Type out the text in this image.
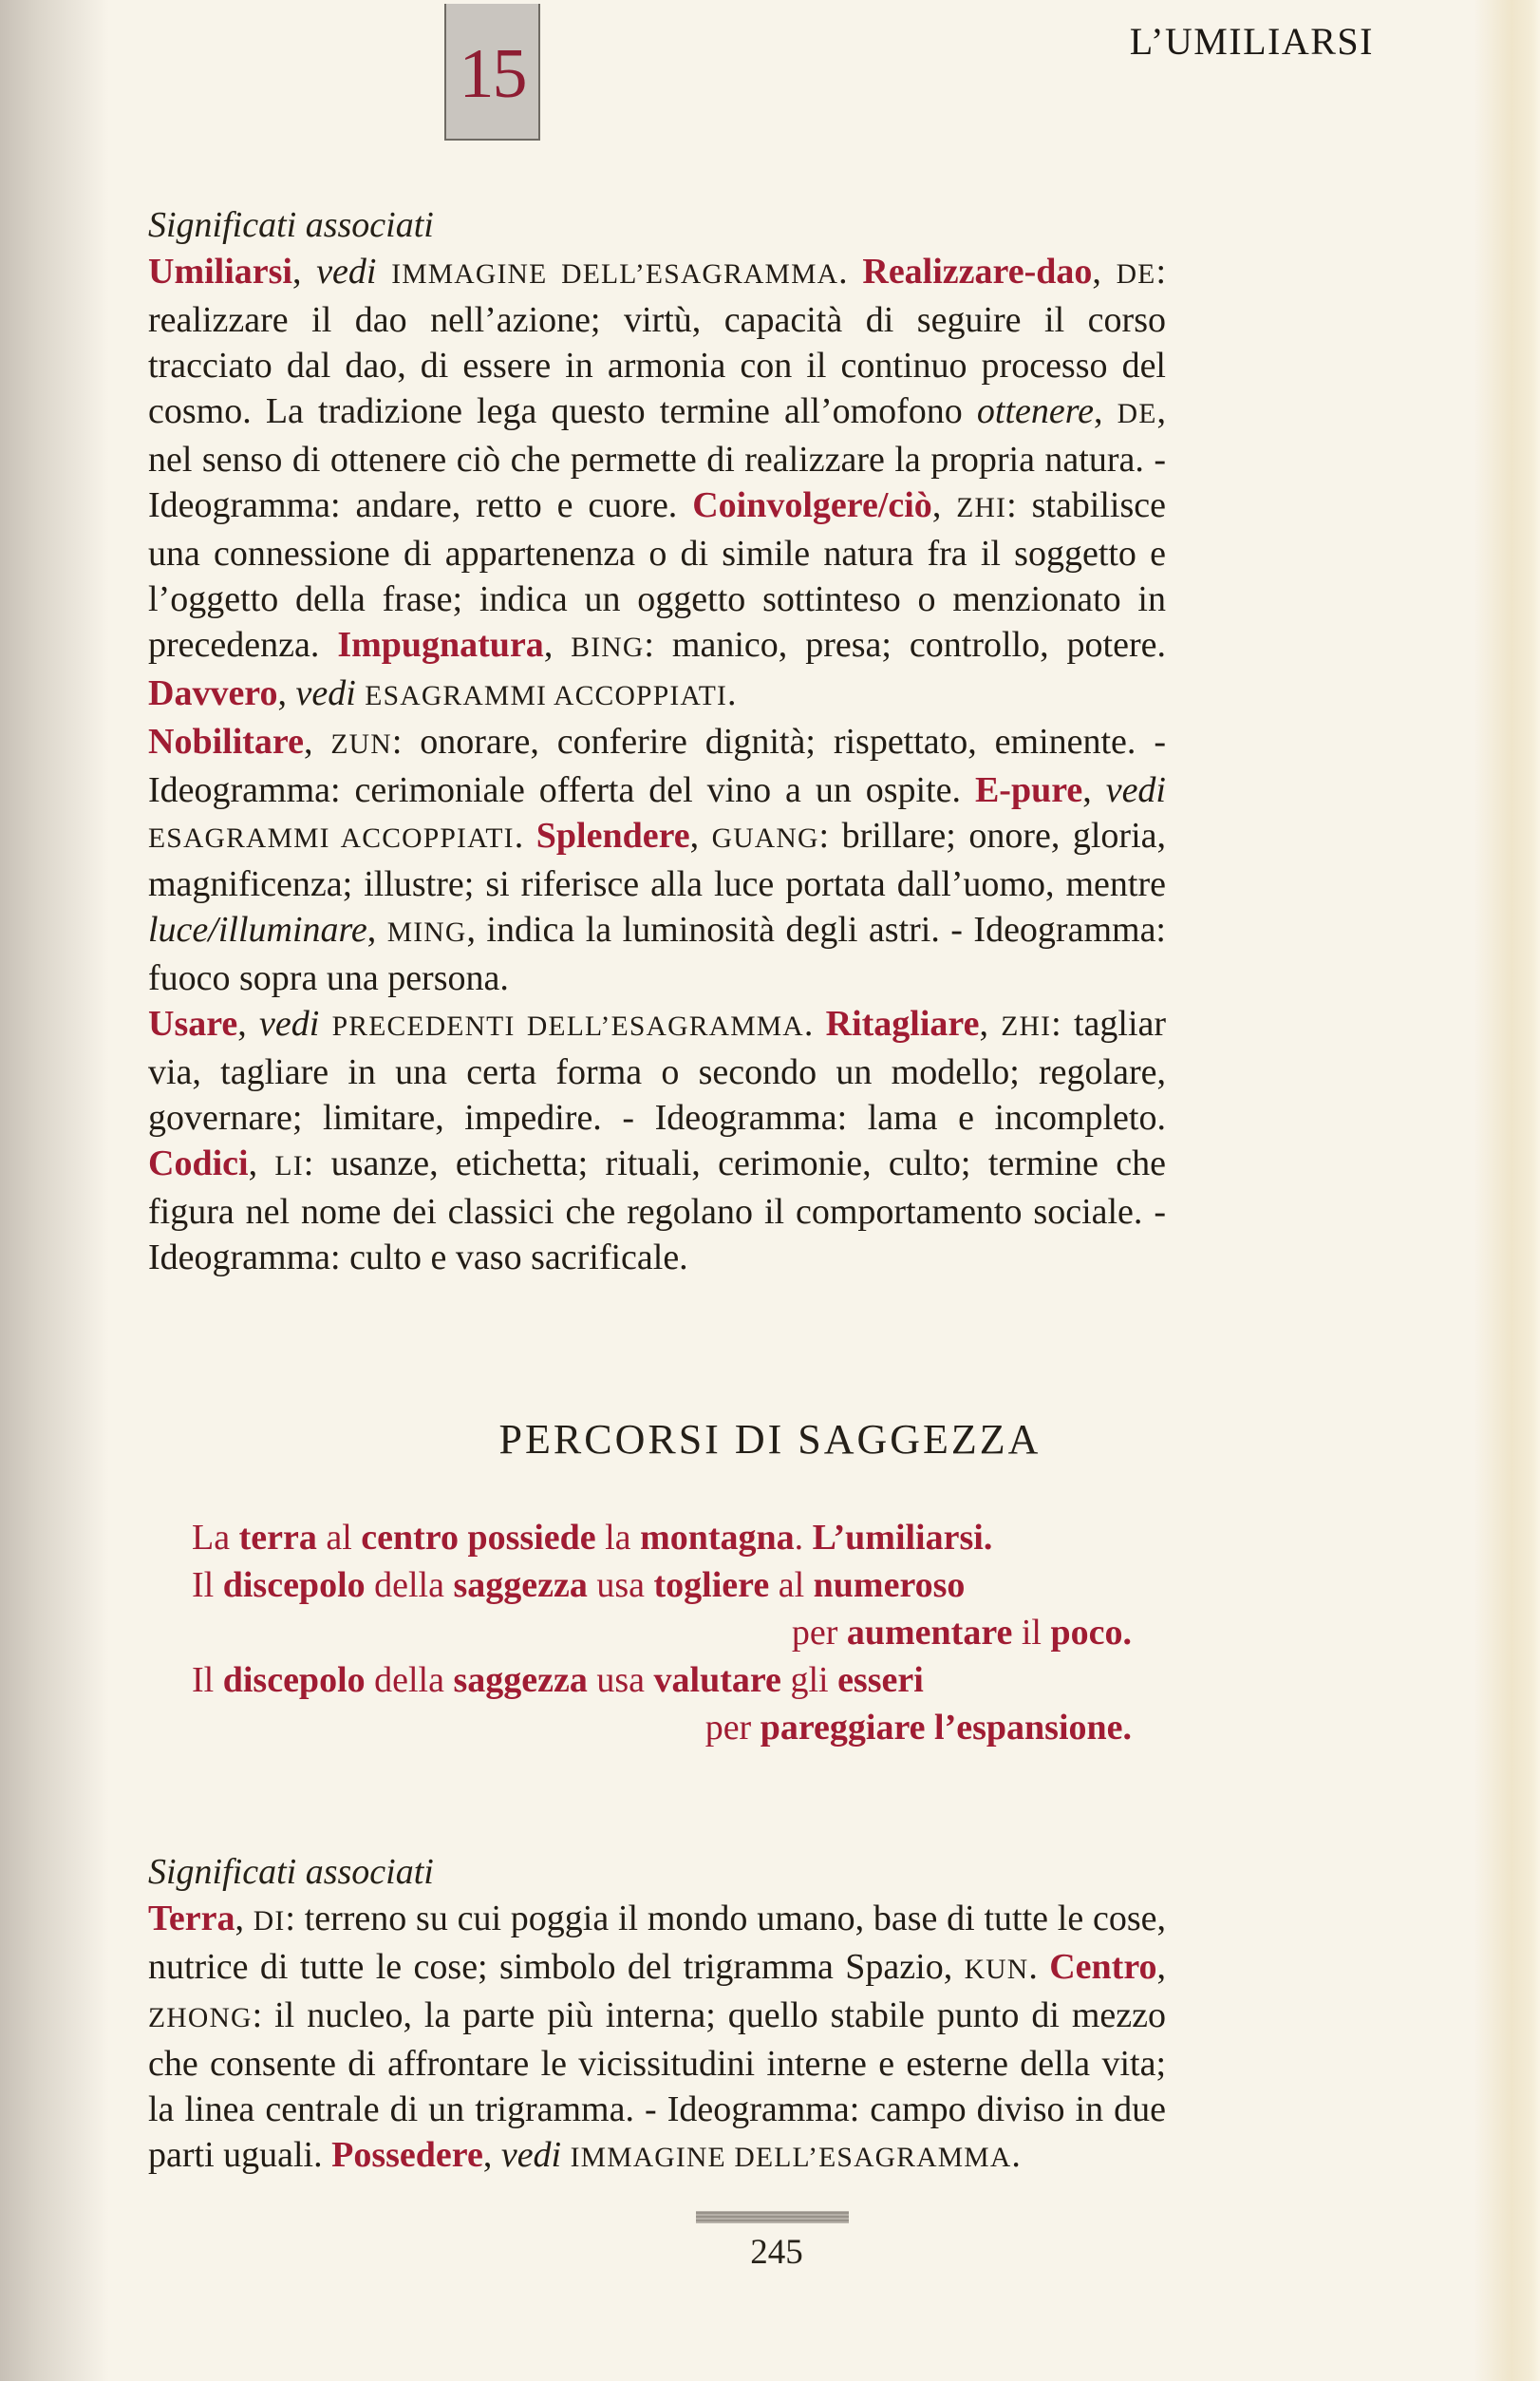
15	L’UMILIARSI
Significati associati

Umiliarsi, vedi IMMAGINE DELL’ESAGRAMMA. Realizzare-dao, DE: realizzare il dao nell’azione; virtù, capacità di seguire il corso tracciato dal dao, di essere in armonia con il continuo processo del cosmo. La tradizione lega questo termine all’omofono ottenere, DE, nel senso di ottenere ciò che permette di realizzare la propria natura. - Ideogramma: andare, retto e cuore. Coinvolgere/ciò, ZHI: stabilisce una connessione di appartenenza o di simile natura fra il soggetto e l’oggetto della frase; indica un oggetto sottinteso o menzionato in precedenza. Impugnatura, BING: manico, presa; controllo, potere. Davvero, vedi ESAGRAMMI ACCOPPIATI.

Nobilitare, ZUN: onorare, conferire dignità; rispettato, eminente. - Ideogramma: cerimoniale offerta del vino a un ospite. E-pure, vedi ESAGRAMMI ACCOPPIATI. Splendere, GUANG: brillare; onore, gloria, magnificenza; illustre; si riferisce alla luce portata dall’uomo, mentre luce/illuminare, MING, indica la luminosità degli astri. - Ideogramma: fuoco sopra una persona.

Usare, vedi PRECEDENTI DELL’ESAGRAMMA. Ritagliare, ZHI: tagliar via, tagliare in una certa forma o secondo un modello; regolare, governare; limitare, impedire. - Ideogramma: lama e incompleto. Codici, LI: usanze, etichetta; rituali, cerimonie, culto; termine che figura nel nome dei classici che regolano il comportamento sociale. - Ideogramma: culto e vaso sacrificale.

PERCORSI DI SAGGEZZA
La terra al centro possiede la montagna. L’umiliarsi.
Il discepolo della saggezza usa togliere al numeroso
per aumentare il poco.
Il discepolo della saggezza usa valutare gli esseri
per pareggiare l’espansione.
Significati associati

Terra, DI: terreno su cui poggia il mondo umano, base di tutte le cose, nutrice di tutte le cose; simbolo del trigramma Spazio, KUN. Centro, ZHONG: il nucleo, la parte più interna; quello stabile punto di mezzo che consente di affrontare le vicissitudini interne e esterne della vita; la linea centrale di un trigramma. - Ideogramma: campo diviso in due parti uguali. Possedere, vedi IMMAGINE DELL’ESAGRAMMA.

245
